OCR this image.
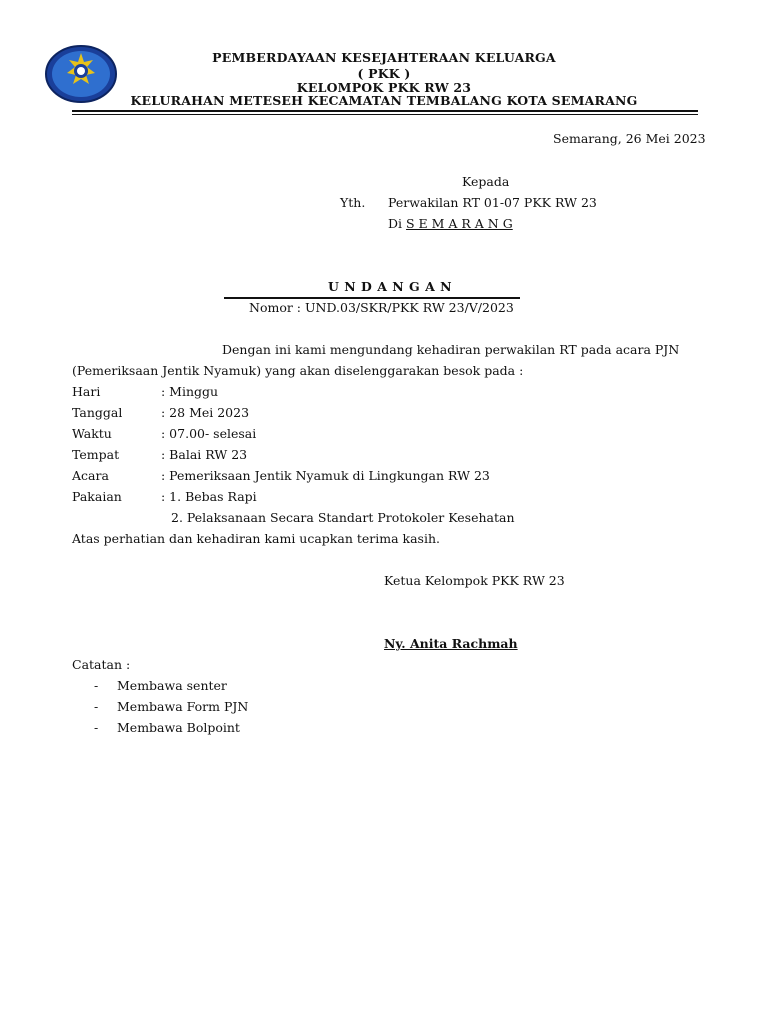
PEMBERDAYAAN KESEJAHTERAAN KELUARGA
( PKK )
KELOMPOK PKK RW 23
KELURAHAN METESEH KECAMATAN TEMBALANG KOTA SEMARANG
Semarang, 26 Mei 2023
Kepada
Yth. Perwakilan RT 01-07 PKK RW 23
Di S E M A R A N G
U N D A N G A N
Nomor : UND.03/SKR/PKK RW 23/V/2023
Dengan ini kami mengundang kehadiran perwakilan RT pada acara PJN
(Pemeriksaan Jentik Nyamuk) yang akan diselenggarakan besok pada :
Hari	: Minggu
Tanggal	: 28 Mei 2023
Waktu	: 07.00- selesai
Tempat	: Balai RW 23
Acara	: Pemeriksaan Jentik Nyamuk di Lingkungan RW 23
Pakaian	: 1. Bebas Rapi
2. Pelaksanaan Secara Standart Protokoler Kesehatan
Atas perhatian dan kehadiran kami ucapkan terima kasih.
Ketua Kelompok PKK RW 23
Ny. Anita Rachmah
Catatan :
- Membawa senter
- Membawa Form PJN
- Membawa Bolpoint
